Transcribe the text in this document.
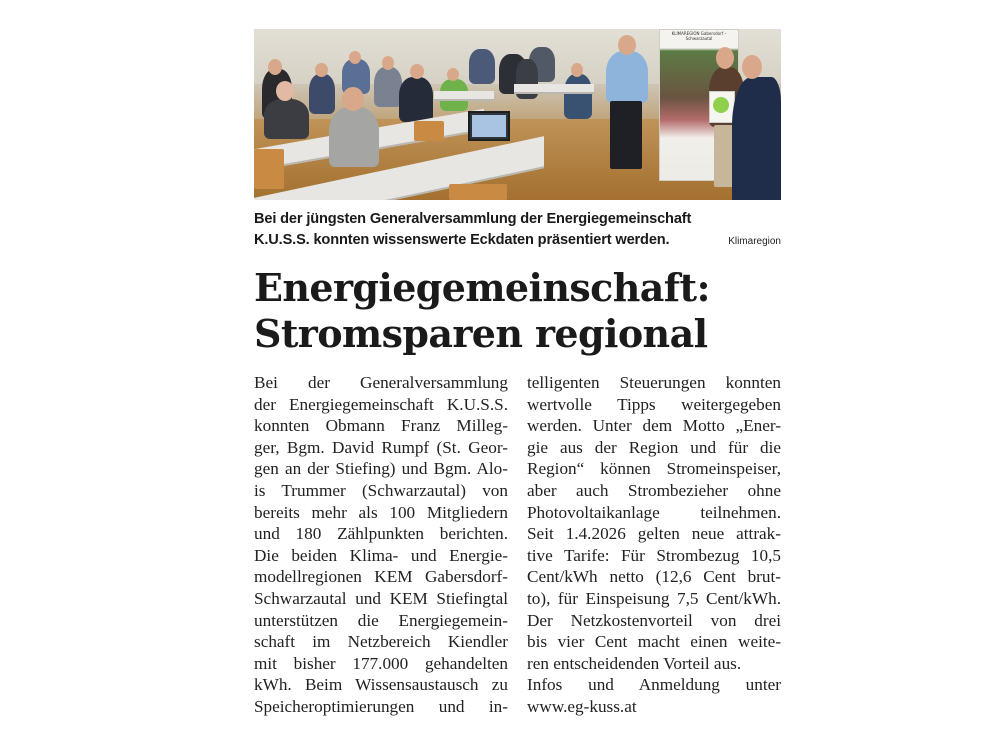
KLIMAREGION Gabersdorf – Schwarzautal
Bei der jüngsten Generalversammlung der Energiegemeinschaft K.U.S.S. konnten wissenswerte Eckdaten präsentiert werden.	Klimaregion
Energiegemeinschaft:
Stromsparen regional
Bei der Generalversammlung
der Energiegemeinschaft K.U.S.S.
konnten Obmann Franz Milleg-
ger, Bgm. David Rumpf (St. Geor-
gen an der Stiefing) und Bgm. Alo-
is Trummer (Schwarzautal) von
bereits mehr als 100 Mitgliedern
und 180 Zählpunkten berichten.
Die beiden Klima- und Energie-
modellregionen KEM Gabersdorf-
Schwarzautal und KEM Stiefingtal
unterstützen die Energiegemein-
schaft im Netzbereich Kiendler
mit bisher 177.000 gehandelten
kWh. Beim Wissensaustausch zu
Speicheroptimierungen und in-
telligenten Steuerungen konnten
wertvolle Tipps weitergegeben
werden. Unter dem Motto „Ener-
gie aus der Region und für die
Region“ können Stromeinspeiser,
aber auch Strombezieher ohne
Photovoltaikanlage teilnehmen.
Seit 1.4.2026 gelten neue attrak-
tive Tarife: Für Strombezug 10,5
Cent/kWh netto (12,6 Cent brut-
to), für Einspeisung 7,5 Cent/kWh.
Der Netzkostenvorteil von drei
bis vier Cent macht einen weite-
ren entscheidenden Vorteil aus.
Infos und Anmeldung unter
www.eg-kuss.at
